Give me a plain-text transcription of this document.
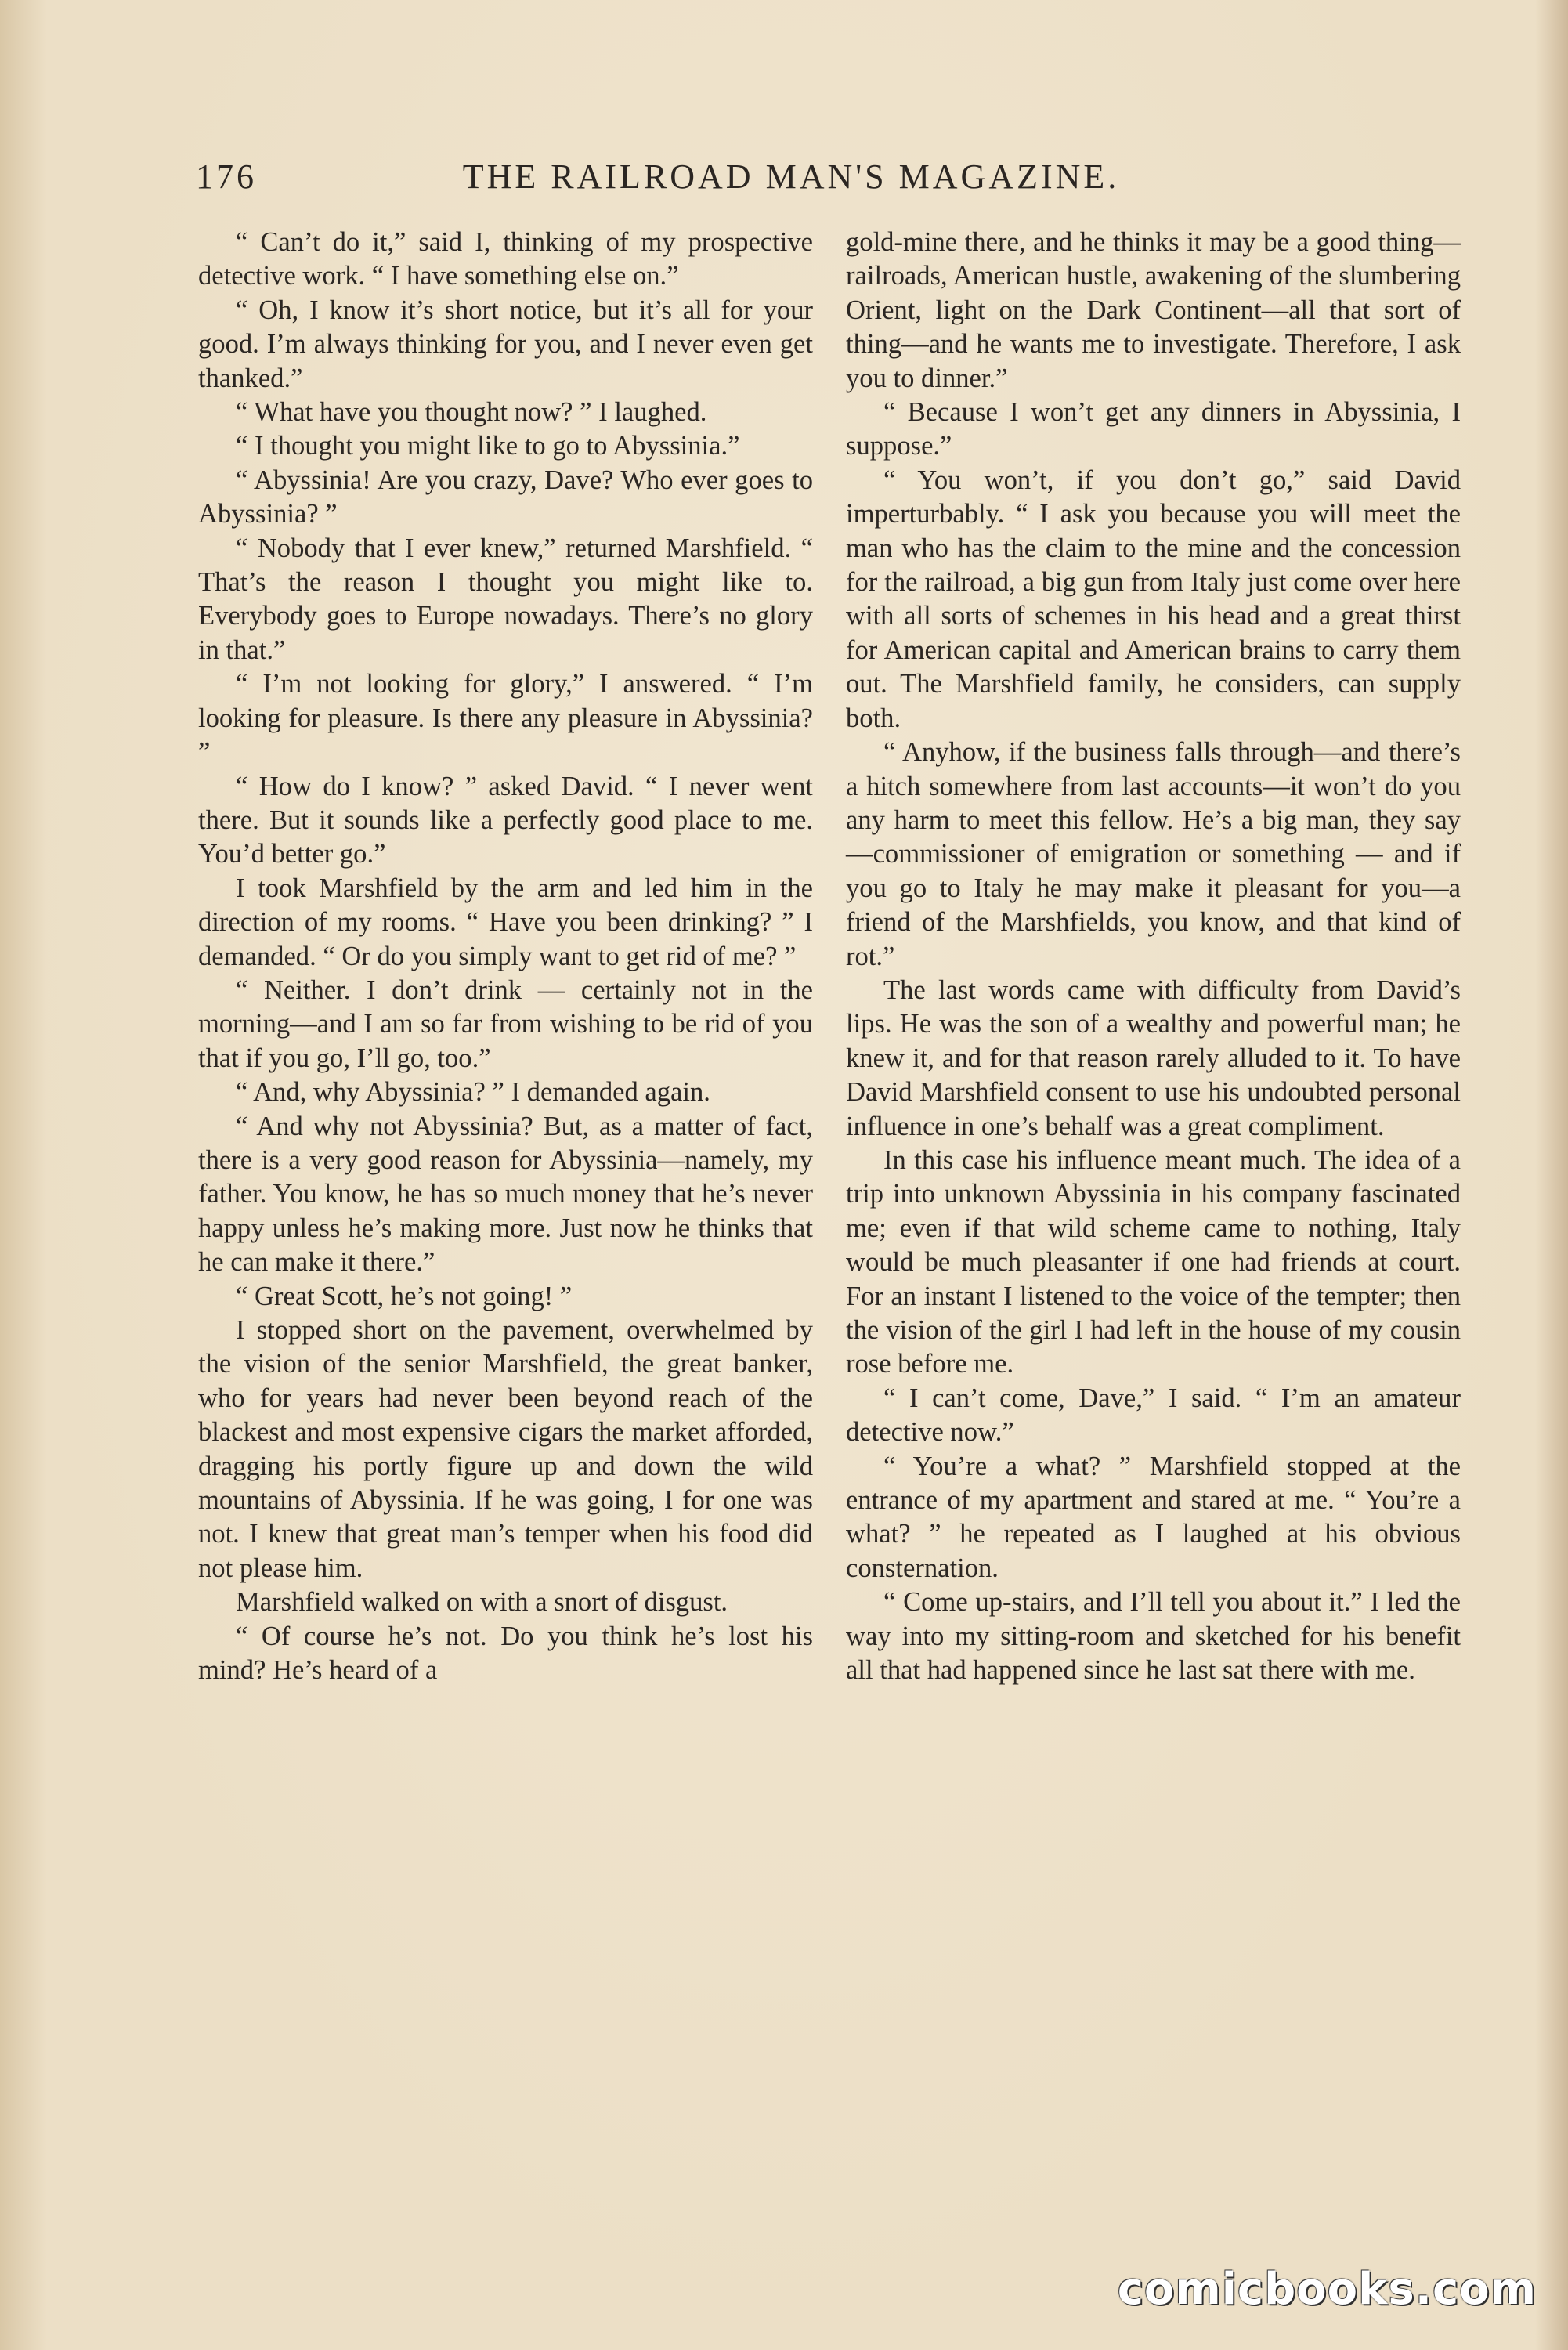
176	THE RAILROAD MAN'S MAGAZINE.

“ Can’t do it,” said I, thinking of my prospective detective work. “ I have something else on.”

“ Oh, I know it’s short notice, but it’s all for your good. I’m always thinking for you, and I never even get thanked.”

“ What have you thought now? ” I laughed.

“ I thought you might like to go to Abyssinia.”

“ Abyssinia! Are you crazy, Dave? Who ever goes to Abyssinia? ”

“ Nobody that I ever knew,” returned Marshfield. “ That’s the reason I thought you might like to. Everybody goes to Europe nowadays. There’s no glory in that.”

“ I’m not looking for glory,” I answered. “ I’m looking for pleasure. Is there any pleasure in Abyssinia? ”

“ How do I know? ” asked David. “ I never went there. But it sounds like a perfectly good place to me. You’d better go.”

I took Marshfield by the arm and led him in the direction of my rooms. “ Have you been drinking? ” I demanded. “ Or do you simply want to get rid of me? ”

“ Neither. I don’t drink — certainly not in the morning—and I am so far from wishing to be rid of you that if you go, I’ll go, too.”

“ And, why Abyssinia? ” I demanded again.

“ And why not Abyssinia? But, as a matter of fact, there is a very good reason for Abyssinia—namely, my father. You know, he has so much money that he’s never happy unless he’s making more. Just now he thinks that he can make it there.”

“ Great Scott, he’s not going! ”

I stopped short on the pavement, overwhelmed by the vision of the senior Marshfield, the great banker, who for years had never been beyond reach of the blackest and most expensive cigars the market afforded, dragging his portly figure up and down the wild mountains of Abyssinia. If he was going, I for one was not. I knew that great man’s temper when his food did not please him.

Marshfield walked on with a snort of disgust.

“ Of course he’s not. Do you think he’s lost his mind? He’s heard of a

gold-mine there, and he thinks it may be a good thing—railroads, American hustle, awakening of the slumbering Orient, light on the Dark Continent—all that sort of thing—and he wants me to investigate. Therefore, I ask you to dinner.”

“ Because I won’t get any dinners in Abyssinia, I suppose.”

“ You won’t, if you don’t go,” said David imperturbably. “ I ask you because you will meet the man who has the claim to the mine and the concession for the railroad, a big gun from Italy just come over here with all sorts of schemes in his head and a great thirst for American capital and American brains to carry them out. The Marshfield family, he considers, can supply both.

“ Anyhow, if the business falls through—and there’s a hitch somewhere from last accounts—it won’t do you any harm to meet this fellow. He’s a big man, they say—commissioner of emigration or something — and if you go to Italy he may make it pleasant for you—a friend of the Marshfields, you know, and that kind of rot.”

The last words came with difficulty from David’s lips. He was the son of a wealthy and powerful man; he knew it, and for that reason rarely alluded to it. To have David Marshfield consent to use his undoubted personal influence in one’s behalf was a great compliment.

In this case his influence meant much. The idea of a trip into unknown Abyssinia in his company fascinated me; even if that wild scheme came to nothing, Italy would be much pleasanter if one had friends at court. For an instant I listened to the voice of the tempter; then the vision of the girl I had left in the house of my cousin rose before me.

“ I can’t come, Dave,” I said. “ I’m an amateur detective now.”

“ You’re a what? ” Marshfield stopped at the entrance of my apartment and stared at me. “ You’re a what? ” he repeated as I laughed at his obvious consternation.

“ Come up-stairs, and I’ll tell you about it.” I led the way into my sitting-room and sketched for his benefit all that had happened since he last sat there with me.

comicbooks.com
